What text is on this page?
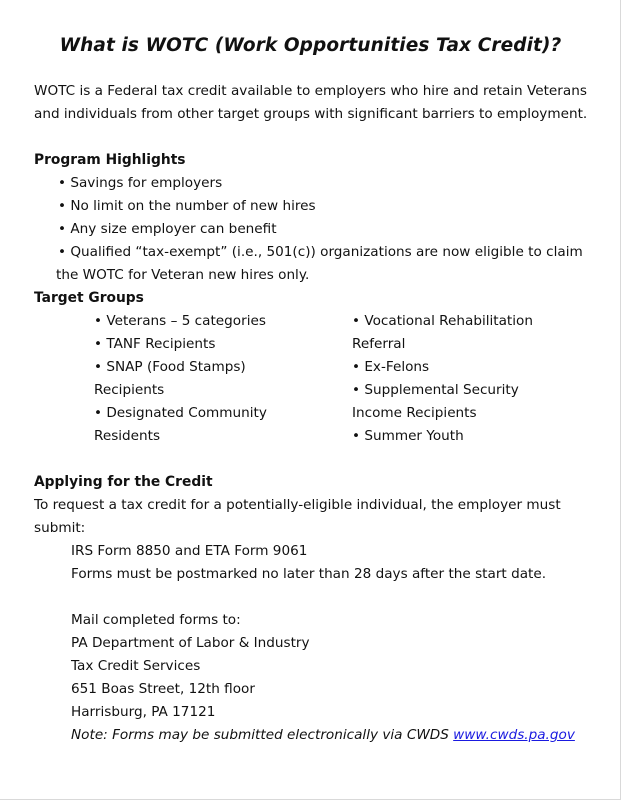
What is WOTC (Work Opportunities Tax Credit)?
WOTC is a Federal tax credit available to employers who hire and retain Veterans
and individuals from other target groups with significant barriers to employment.
Program Highlights
• Savings for employers
• No limit on the number of new hires
• Any size employer can benefit
• Qualified “tax-exempt” (i.e., 501(c)) organizations are now eligible to claim
the WOTC for Veteran new hires only.
Target Groups
• Veterans – 5 categories
• TANF Recipients
• SNAP (Food Stamps)
Recipients
• Designated Community
Residents
• Vocational Rehabilitation
Referral
• Ex-Felons
• Supplemental Security
Income Recipients
• Summer Youth
Applying for the Credit
To request a tax credit for a potentially-eligible individual, the employer must
submit:
IRS Form 8850 and ETA Form 9061
Forms must be postmarked no later than 28 days after the start date.
Mail completed forms to:
PA Department of Labor & Industry
Tax Credit Services
651 Boas Street, 12th floor
Harrisburg, PA 17121
Note: Forms may be submitted electronically via CWDS www.cwds.pa.gov
